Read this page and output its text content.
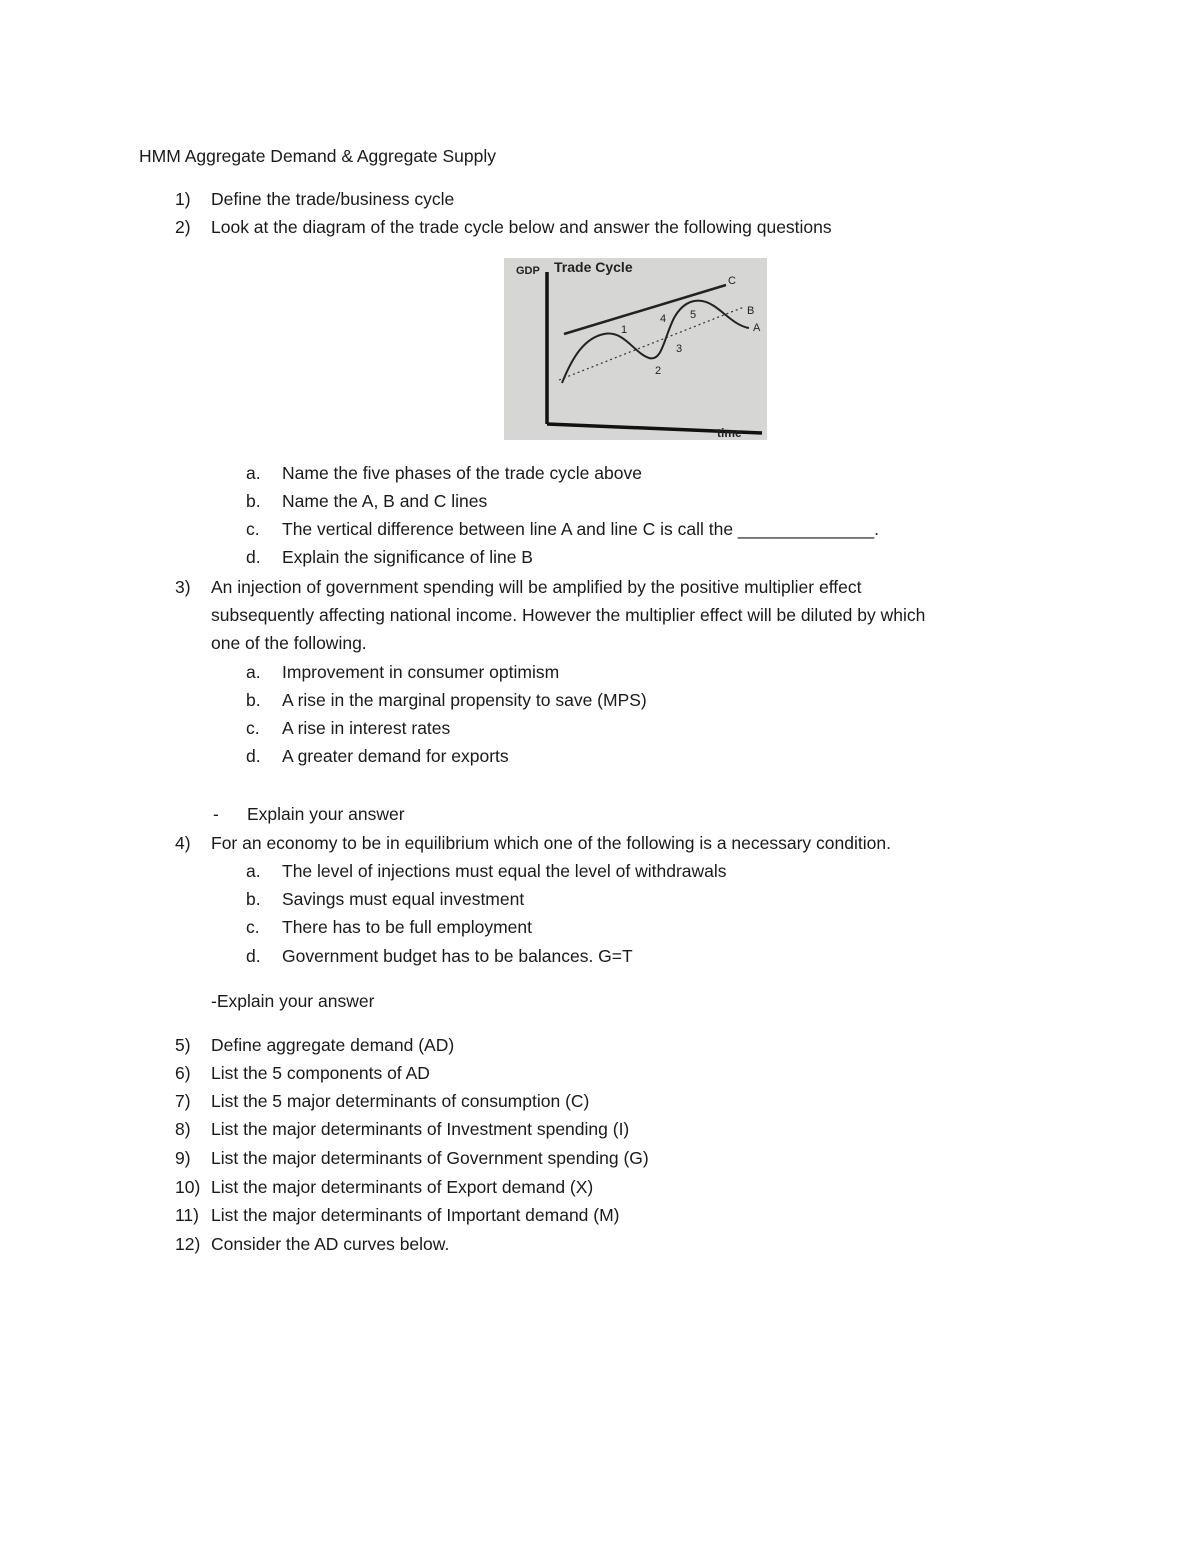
HMM Aggregate Demand & Aggregate Supply
1) Define the trade/business cycle
2) Look at the diagram of the trade cycle below and answer the following questions
GDP Trade Cycle
time
C
B
A
1
2
3
4 5
a. Name the five phases of the trade cycle above
b. Name the A, B and C lines
c. The vertical difference between line A and line C is call the ______________.
d. Explain the significance of line B
3) An injection of government spending will be amplified by the positive multiplier effect
subsequently affecting national income. However the multiplier effect will be diluted by which
one of the following.
a. Improvement in consumer optimism
b. A rise in the marginal propensity to save (MPS)
c. A rise in interest rates
d. A greater demand for exports
- Explain your answer
4) For an economy to be in equilibrium which one of the following is a necessary condition.
a. The level of injections must equal the level of withdrawals
b. Savings must equal investment
c. There has to be full employment
d. Government budget has to be balances. G=T
-Explain your answer
5) Define aggregate demand (AD)
6) List the 5 components of AD
7) List the 5 major determinants of consumption (C)
8) List the major determinants of Investment spending (I)
9) List the major determinants of Government spending (G)
10) List the major determinants of Export demand (X)
11) List the major determinants of Important demand (M)
12) Consider the AD curves below.
